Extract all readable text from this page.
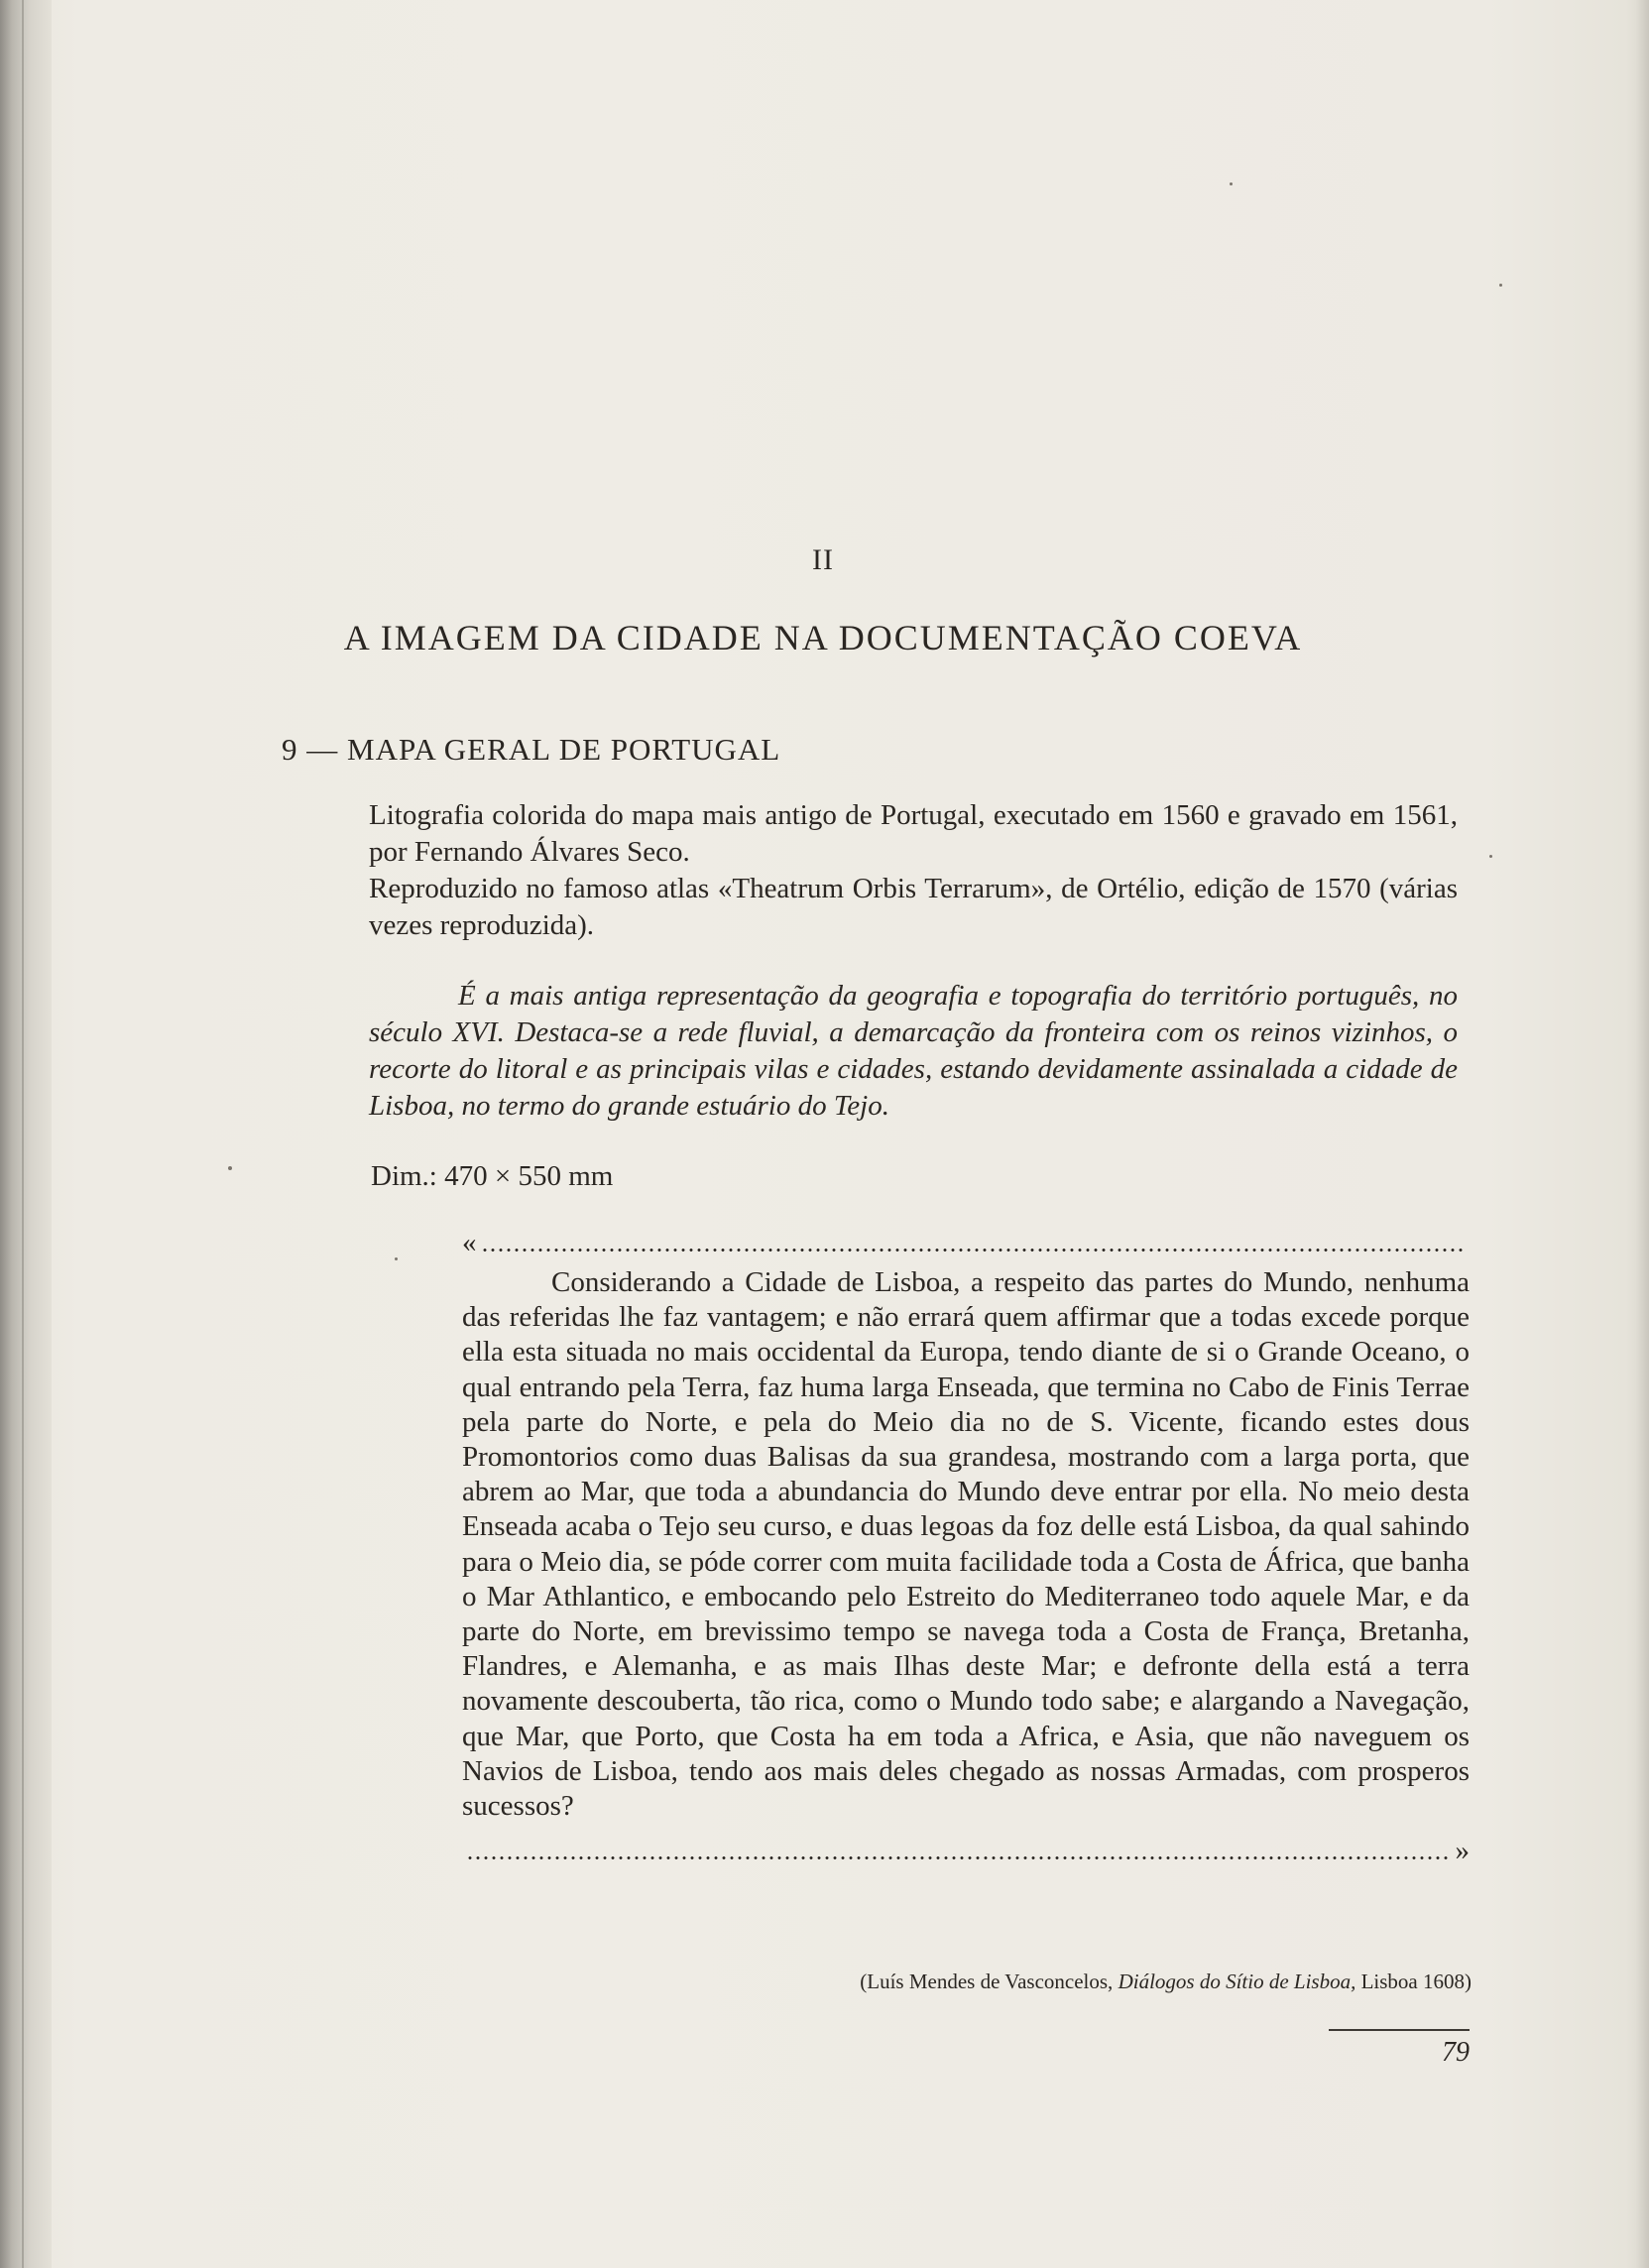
II
A IMAGEM DA CIDADE NA DOCUMENTAÇÃO COEVA
9 — MAPA GERAL DE PORTUGAL

Litografia colorida do mapa mais antigo de Portugal, executado em 1560 e gravado em 1561, por Fernando Álvares Seco.

Reproduzido no famoso atlas «Theatrum Orbis Terrarum», de Ortélio, edição de 1570 (várias vezes reproduzida).

É a mais antiga representação da geografia e topografia do território português, no século XVI. Destaca-se a rede fluvial, a demarcação da fronteira com os reinos vizinhos, o recorte do litoral e as principais vilas e cidades, estando devidamente assinalada a cidade de Lisboa, no termo do grande estuário do Tejo.
Dim.: 470 × 550 mm
«
Considerando a Cidade de Lisboa, a respeito das partes do Mundo, nenhuma das referidas lhe faz vantagem; e não errará quem affirmar que a todas excede porque ella esta situada no mais occidental da Europa, tendo diante de si o Grande Oceano, o qual entrando pela Terra, faz huma larga Enseada, que termina no Cabo de Finis Terrae pela parte do Norte, e pela do Meio dia no de S. Vicente, ficando estes dous Promontorios como duas Balisas da sua grandesa, mostrando com a larga porta, que abrem ao Mar, que toda a abundancia do Mundo deve entrar por ella. No meio desta Enseada acaba o Tejo seu curso, e duas legoas da foz delle está Lisboa, da qual sahindo para o Meio dia, se póde correr com muita facilidade toda a Costa de África, que banha o Mar Athlantico, e embocando pelo Estreito do Mediterraneo todo aquele Mar, e da parte do Norte, em brevissimo tempo se navega toda a Costa de França, Bretanha, Flandres, e Alemanha, e as mais Ilhas deste Mar; e defronte della está a terra novamente descouberta, tão rica, como o Mundo todo sabe; e alargando a Navegação, que Mar, que Porto, que Costa ha em toda a Africa, e Asia, que não naveguem os Navios de Lisboa, tendo aos mais deles chegado as nossas Armadas, com prosperos sucessos?
»
(Luís Mendes de Vasconcelos, Diálogos do Sítio de Lisboa, Lisboa 1608)
79
